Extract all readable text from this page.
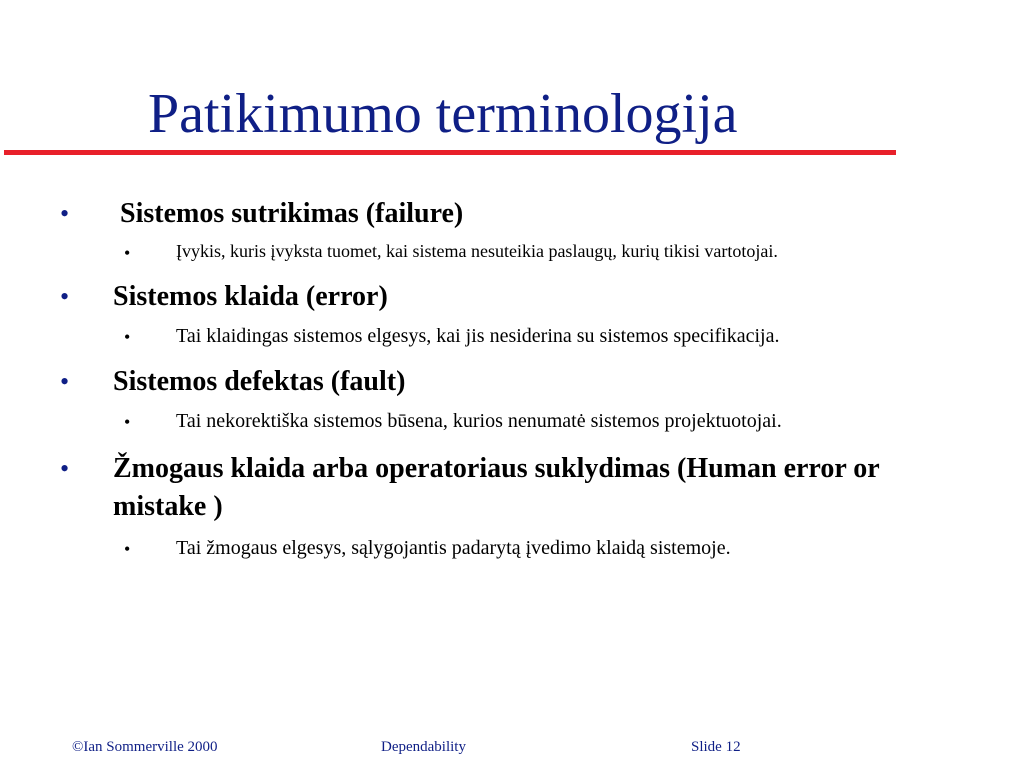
Patikimumo terminologija
• Sistemos sutrikimas (failure)
•	Įvykis, kuris įvyksta tuomet, kai sistema nesuteikia paslaugų, kurių tikisi vartotojai.
• Sistemos klaida (error)
• Tai klaidingas sistemos elgesys, kai jis nesiderina su sistemos specifikacija.
• Sistemos defektas (fault)
• Tai nekorektiška sistemos būsena, kurios nenumatė sistemos projektuotojai.
• Žmogaus klaida arba operatoriaus suklydimas (Human error or mistake )
• Tai žmogaus elgesys, sąlygojantis padarytą įvedimo klaidą sistemoje.
©Ian Sommerville 2000	Dependability	Slide 12
